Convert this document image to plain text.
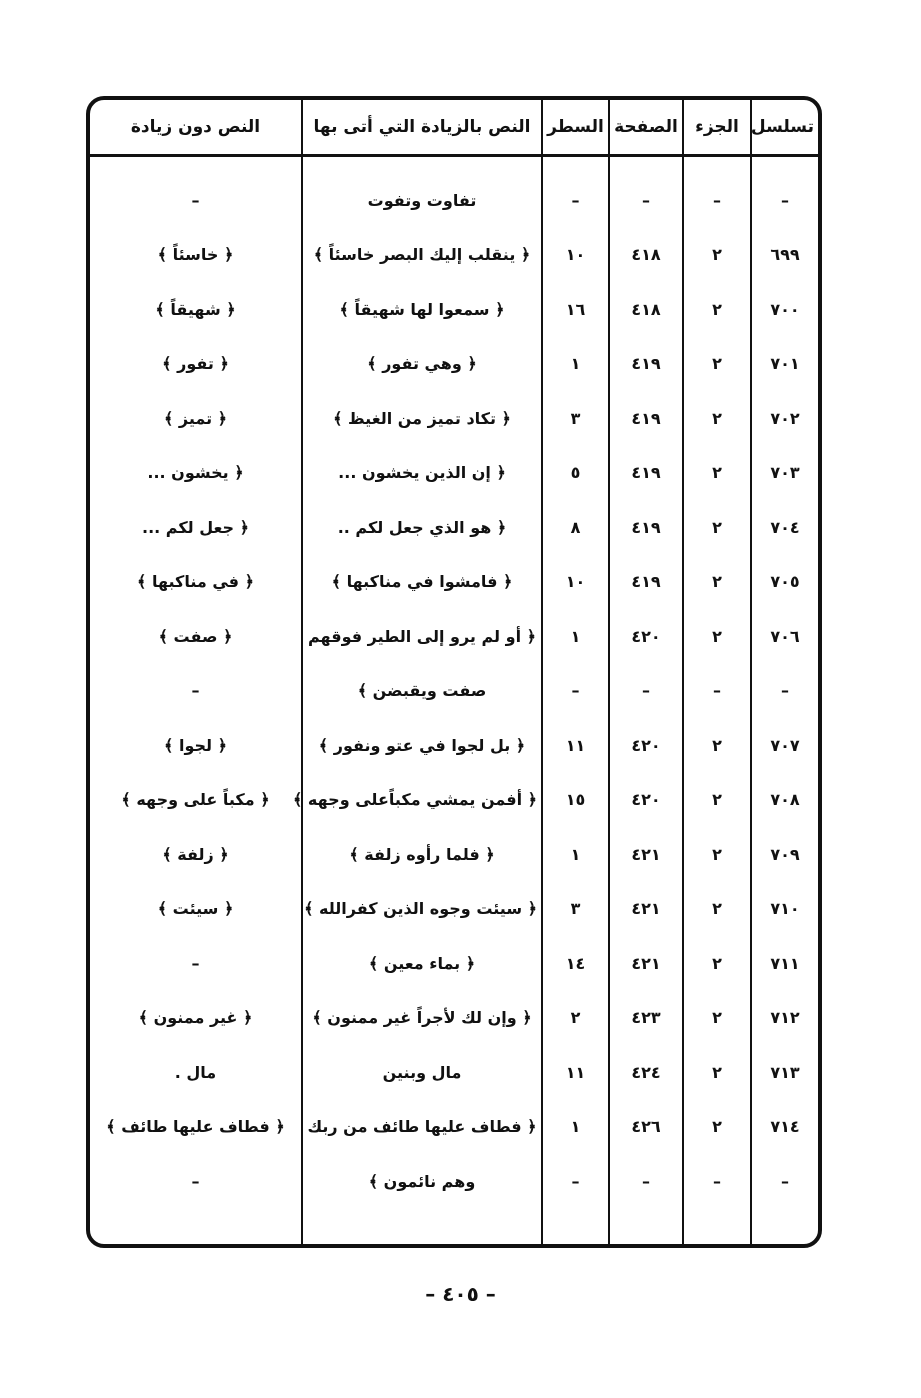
تسلسل	الجزء	الصفحة	السطر	النص بالزيادة التي أتى بها	النص دون زيادة

–	–	–	–	تفاوت وتفوت	–
٦٩٩	٢	٤١٨	١٠	﴿ ينقلب إليك البصر خاسئاً ﴾	﴿ خاسئاً ﴾
٧٠٠	٢	٤١٨	١٦	﴿ سمعوا لها شهيقاً ﴾	﴿ شهيقاً ﴾
٧٠١	٢	٤١٩	١	﴿ وهي تفور ﴾	﴿ تفور ﴾
٧٠٢	٢	٤١٩	٣	﴿ تكاد تميز من الغيظ ﴾	﴿ تميز ﴾
٧٠٣	٢	٤١٩	٥	﴿ إن الذين يخشون ...	﴿ يخشون ...
٧٠٤	٢	٤١٩	٨	﴿ هو الذي جعل لكم ..	﴿ جعل لكم ...
٧٠٥	٢	٤١٩	١٠	﴿ فامشوا في مناكبها ﴾	﴿ في مناكبها ﴾
٧٠٦	٢	٤٢٠	١	﴿ أو لم يرو إلى الطير فوقهم	﴿ صفت ﴾
–	–	–	–	صفت ويقبضن ﴾	–
٧٠٧	٢	٤٢٠	١١	﴿ بل لجوا في عتو ونفور ﴾	﴿ لجوا ﴾
٧٠٨	٢	٤٢٠	١٥	﴿ أفمن يمشي مكباًعلى وجهه ﴾	﴿ مكباً على وجهه ﴾
٧٠٩	٢	٤٢١	١	﴿ فلما رأوه زلفة ﴾	﴿ زلفة ﴾
٧١٠	٢	٤٢١	٣	﴿ سيئت وجوه الذين كفرالله ﴾	﴿ سيئت ﴾
٧١١	٢	٤٢١	١٤	﴿ بماء معين ﴾	–
٧١٢	٢	٤٢٣	٢	﴿ وإن لك لأجراً غير ممنون ﴾	﴿ غير ممنون ﴾
٧١٣	٢	٤٢٤	١١	مال وبنين	مال .
٧١٤	٢	٤٢٦	١	﴿ فطاف عليها طائف من ربك	﴿ فطاف عليها طائف ﴾
–	–	–	–	وهم نائمون ﴾	–

– ٤٠٥ –
